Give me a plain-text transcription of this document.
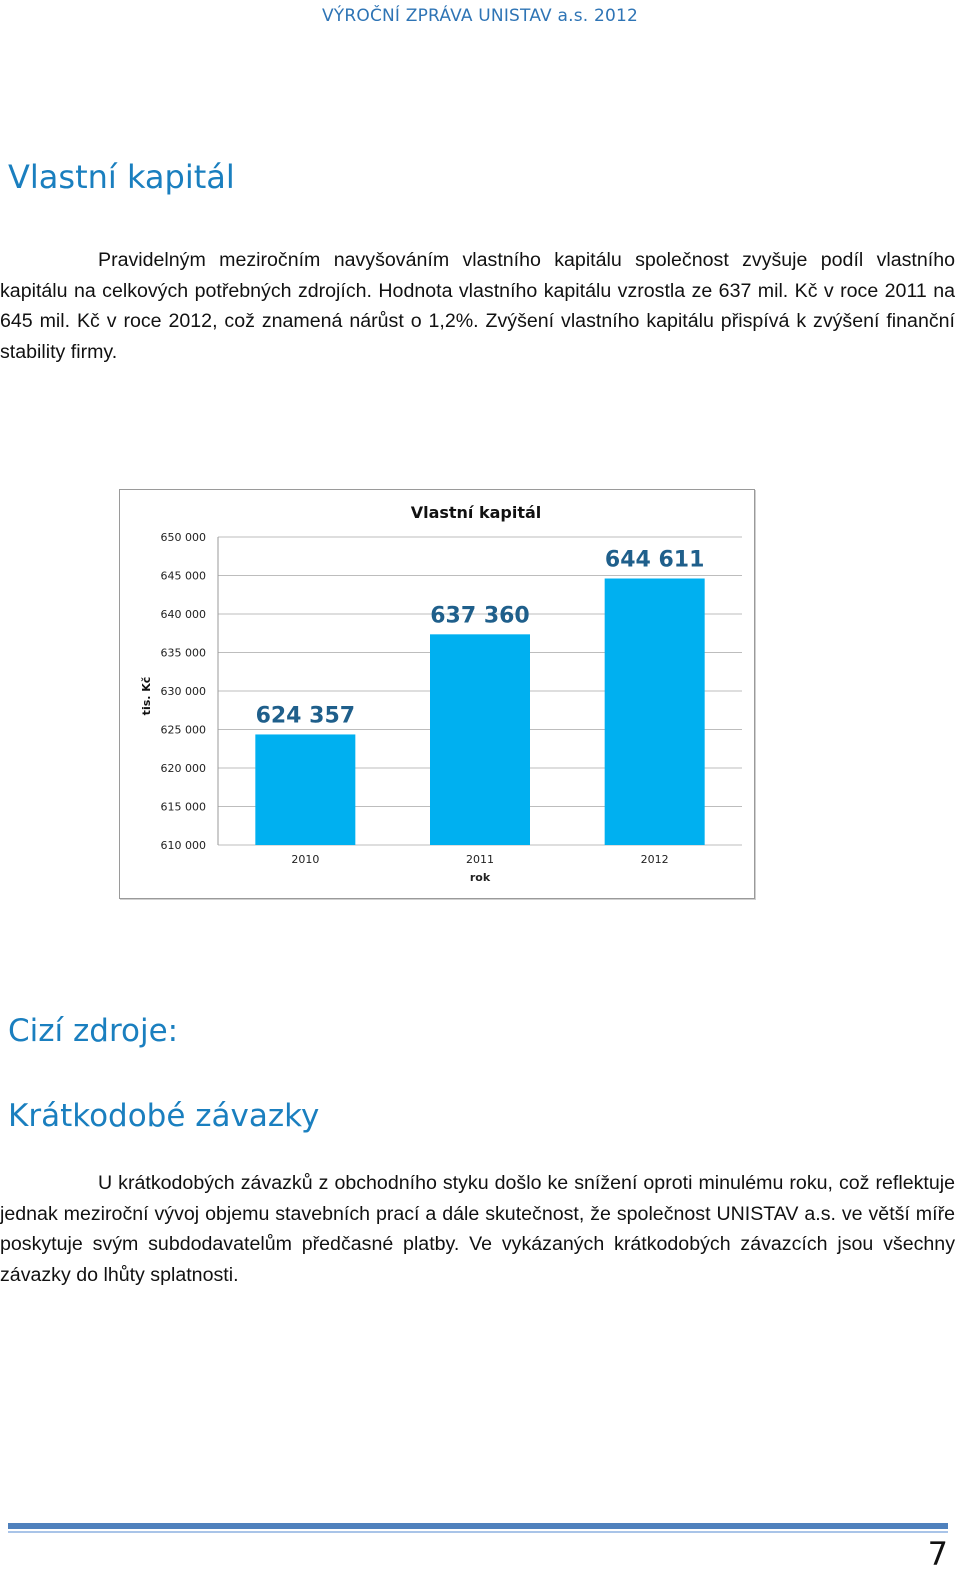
VÝROČNÍ ZPRÁVA UNISTAV a.s. 2012
Vlastní kapitál

Pravidelným meziročním navyšováním vlastního kapitálu společnost zvyšuje podíl vlastního kapitálu na celkových potřebných zdrojích. Hodnota vlastního kapitálu vzrostla ze 637 mil. Kč v roce 2011 na 645 mil. Kč v roce 2012, což znamená nárůst o 1,2%. Zvýšení vlastního kapitálu přispívá k zvýšení finanční stability firmy.

Vlastní kapitál
tis. Kč
610 000
615 000
620 000
625 000
630 000
635 000
640 000
645 000
650 000
624 357
2010
637 360
2011
644 611
2012
rok
Cizí zdroje:
Krátkodobé závazky

U krátkodobých závazků z obchodního styku došlo ke snížení oproti minulému roku, což reflektuje jednak meziroční vývoj objemu stavebních prací a dále skutečnost, že společnost UNISTAV a.s. ve větší míře poskytuje svým subdodavatelům předčasné platby. Ve vykázaných krátkodobých závazcích jsou všechny závazky do lhůty splatnosti.

7
